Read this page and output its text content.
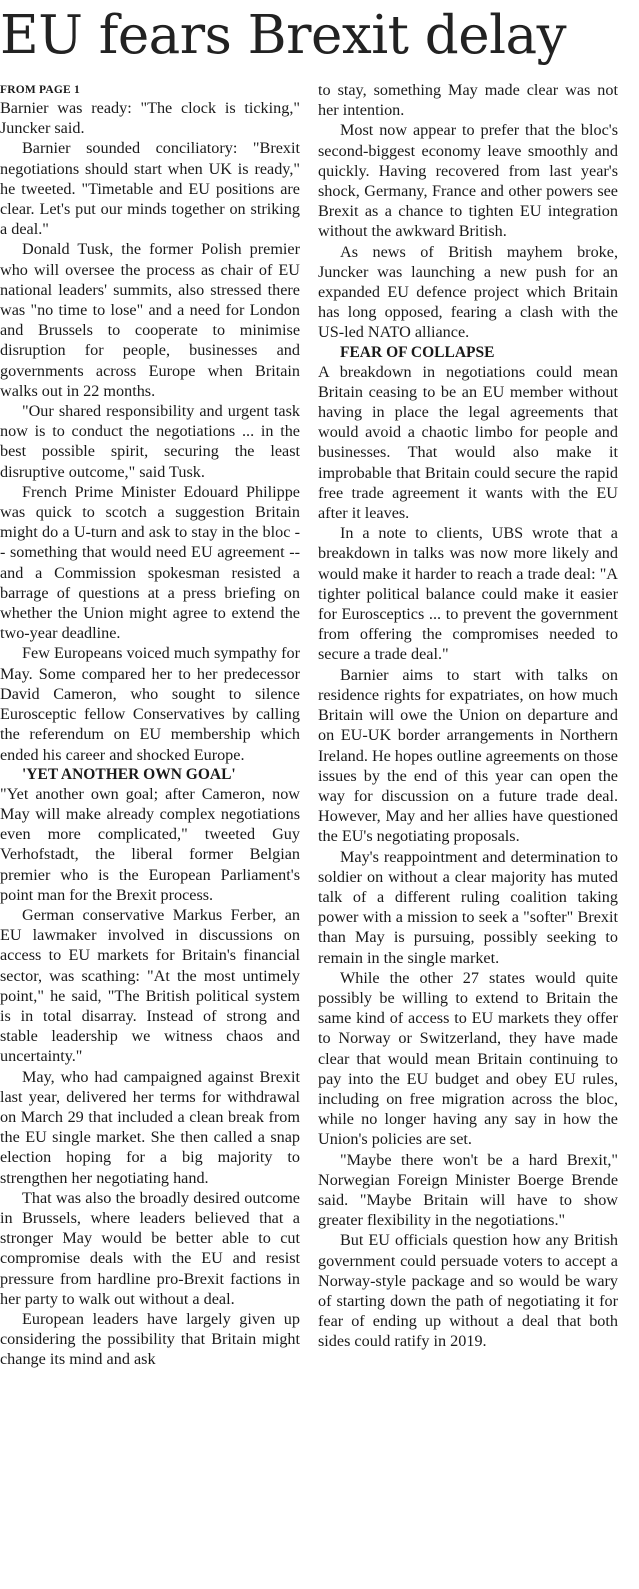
EU fears Brexit delay
FROM PAGE 1

Barnier was ready: "The clock is ticking," Juncker said.

Barnier sounded conciliatory: "Brexit negotiations should start when UK is ready," he tweeted. "Timetable and EU positions are clear. Let's put our minds together on striking a deal."

Donald Tusk, the former Polish premier who will oversee the process as chair of EU national leaders' summits, also stressed there was "no time to lose" and a need for London and Brussels to cooperate to minimise disruption for people, businesses and governments across Europe when Britain walks out in 22 months.

"Our shared responsibility and urgent task now is to conduct the negotiations ... in the best possible spirit, securing the least disruptive outcome," said Tusk.

French Prime Minister Edouard Philippe was quick to scotch a suggestion Britain might do a U-turn and ask to stay in the bloc -- something that would need EU agreement -- and a Commission spokesman resisted a barrage of questions at a press briefing on whether the Union might agree to extend the two-year deadline.

Few Europeans voiced much sympathy for May. Some compared her to her predecessor David Cameron, who sought to silence Eurosceptic fellow Conservatives by calling the referendum on EU membership which ended his career and shocked Europe.

'YET ANOTHER OWN GOAL'

"Yet another own goal; after Cameron, now May will make already complex negotiations even more complicated," tweeted Guy Verhofstadt, the liberal former Belgian premier who is the European Parliament's point man for the Brexit process.

German conservative Markus Ferber, an EU lawmaker involved in discussions on access to EU markets for Britain's financial sector, was scathing: "At the most untimely point," he said, "The British political system is in total disarray. Instead of strong and stable leadership we witness chaos and uncertainty."

May, who had campaigned against Brexit last year, delivered her terms for withdrawal on March 29 that included a clean break from the EU single market. She then called a snap election hoping for a big majority to strengthen her negotiating hand.

That was also the broadly desired outcome in Brussels, where leaders believed that a stronger May would be better able to cut compromise deals with the EU and resist pressure from hardline pro-Brexit factions in her party to walk out without a deal.

European leaders have largely given up considering the possibility that Britain might change its mind and ask

to stay, something May made clear was not her intention.

Most now appear to prefer that the bloc's second-biggest economy leave smoothly and quickly. Having recovered from last year's shock, Germany, France and other powers see Brexit as a chance to tighten EU integration without the awkward British.

As news of British mayhem broke, Juncker was launching a new push for an expanded EU defence project which Britain has long opposed, fearing a clash with the US-led NATO alliance.

FEAR OF COLLAPSE

A breakdown in negotiations could mean Britain ceasing to be an EU member without having in place the legal agreements that would avoid a chaotic limbo for people and businesses. That would also make it improbable that Britain could secure the rapid free trade agreement it wants with the EU after it leaves.

In a note to clients, UBS wrote that a breakdown in talks was now more likely and would make it harder to reach a trade deal: "A tighter political balance could make it easier for Eurosceptics ... to prevent the government from offering the compromises needed to secure a trade deal."

Barnier aims to start with talks on residence rights for expatriates, on how much Britain will owe the Union on departure and on EU-UK border arrangements in Northern Ireland. He hopes outline agreements on those issues by the end of this year can open the way for discussion on a future trade deal. However, May and her allies have questioned the EU's negotiating proposals.

May's reappointment and determination to soldier on without a clear majority has muted talk of a different ruling coalition taking power with a mission to seek a "softer" Brexit than May is pursuing, possibly seeking to remain in the single market.

While the other 27 states would quite possibly be willing to extend to Britain the same kind of access to EU markets they offer to Norway or Switzerland, they have made clear that would mean Britain continuing to pay into the EU budget and obey EU rules, including on free migration across the bloc, while no longer having any say in how the Union's policies are set.

"Maybe there won't be a hard Brexit," Norwegian Foreign Minister Boerge Brende said. "Maybe Britain will have to show greater flexibility in the negotiations."

But EU officials question how any British government could persuade voters to accept a Norway-style package and so would be wary of starting down the path of negotiating it for fear of ending up without a deal that both sides could ratify in 2019.
